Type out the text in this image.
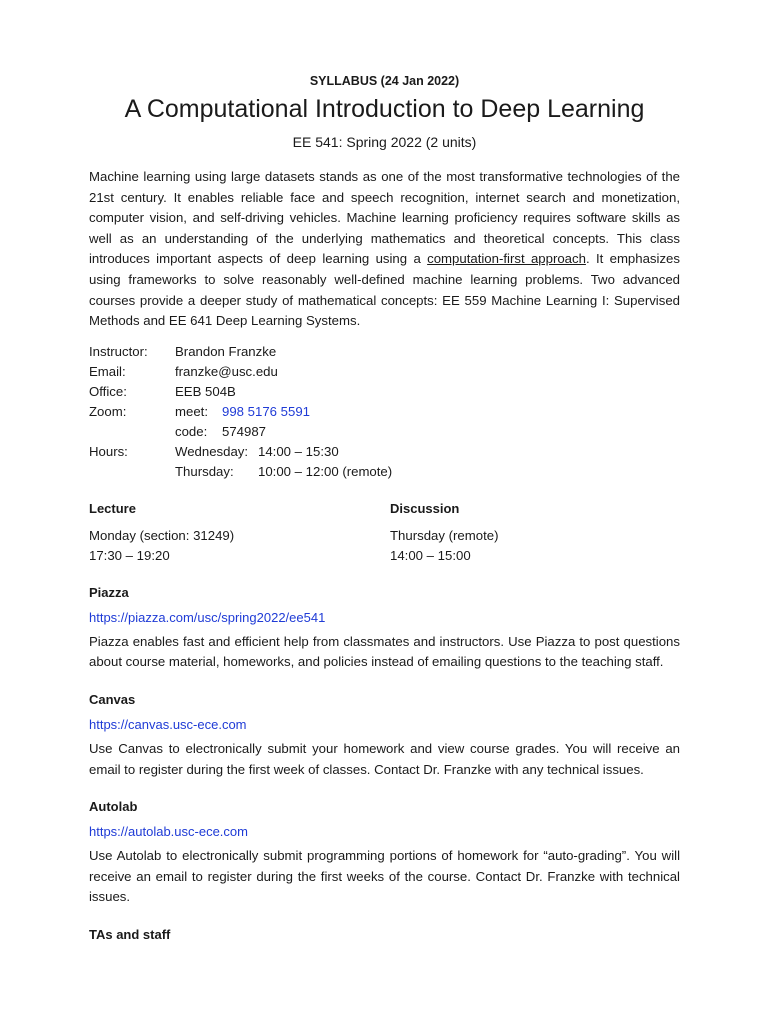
SYLLABUS (24 Jan 2022)
A Computational Introduction to Deep Learning
EE 541: Spring 2022 (2 units)

Machine learning using large datasets stands as one of the most transformative technologies of the 21st century. It enables reliable face and speech recognition, internet search and monetization, computer vision, and self-driving vehicles. Machine learning proficiency requires software skills as well as an understanding of the underlying mathematics and theoretical concepts. This class introduces important aspects of deep learning using a computation-first approach. It emphasizes using frameworks to solve reasonably well-defined machine learning problems. Two advanced courses provide a deeper study of mathematical concepts: EE 559 Machine Learning I: Supervised Methods and EE 641 Deep Learning Systems.

Instructor:	Brandon Franzke
Email:	franzke@usc.edu
Office:	EEB 504B
Zoom:	meet: 998 5176 5591
code: 574987

Hours:	Wednesday: 14:00 – 15:30
Thursday: 10:00 – 12:00 (remote)
Lecture
Monday (section: 31249)
17:30 – 19:20
Discussion
Thursday (remote)
14:00 – 15:00
Piazza
https://piazza.com/usc/spring2022/ee541
Piazza enables fast and efficient help from classmates and instructors. Use Piazza to post questions about course material, homeworks, and policies instead of emailing questions to the teaching staff.
Canvas
https://canvas.usc-ece.com
Use Canvas to electronically submit your homework and view course grades. You will receive an email to register during the first week of classes. Contact Dr. Franzke with any technical issues.
Autolab
https://autolab.usc-ece.com
Use Autolab to electronically submit programming portions of homework for “auto-grading”. You will receive an email to register during the first weeks of the course. Contact Dr. Franzke with technical issues.
TAs and staff
